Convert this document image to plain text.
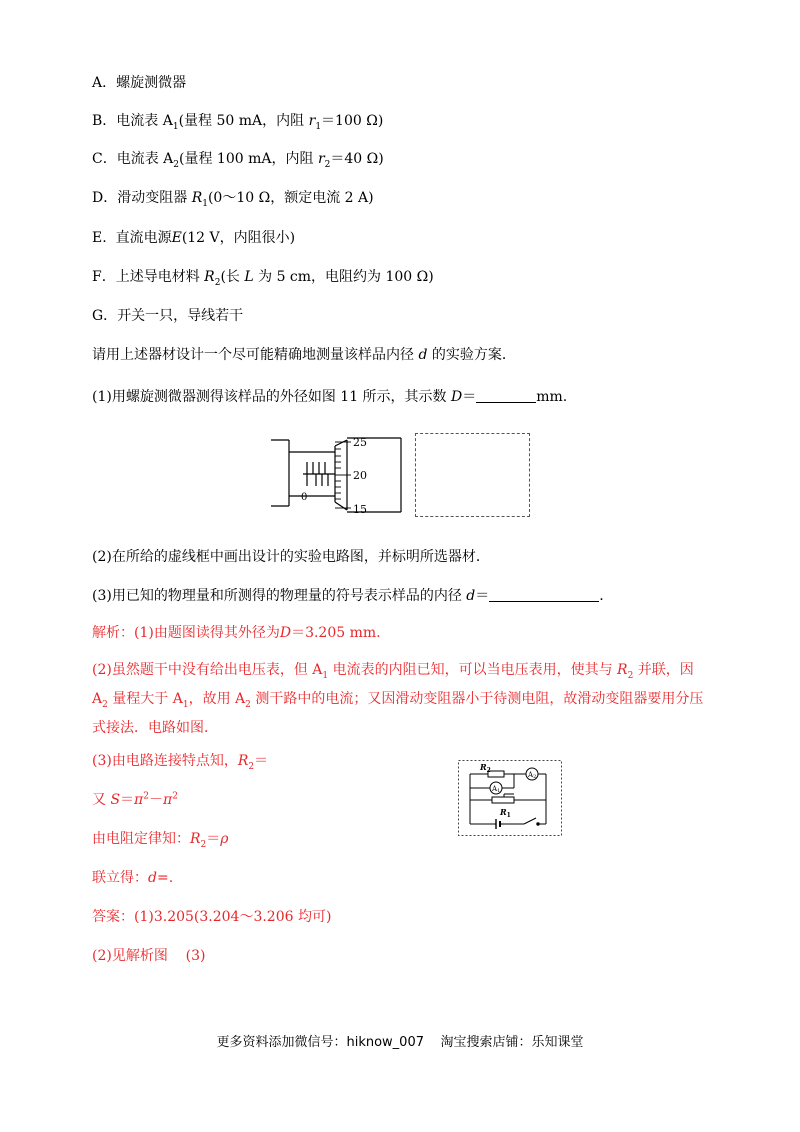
A．螺旋测微器
B．电流表 $A_1$(量程 50 mA，内阻 $r_1=100$ Ω)
C．电流表 $A_2$(量程 100 mA，内阻 $r_2=40$ Ω)
D．滑动变阻器 $R_1(0\sim 10$ Ω，额定电流 2 A)
E.  直流电源E(12 V，内阻很小)
F．上述导电材料 $R_2$(长 L 为 5 cm，电阻约为 100 Ω)
G．开关一只，导线若干
请用上述器材设计一个尽可能精确地测量该样品内径 d 的实验方案．
(1)用螺旋测微器测得该样品的外径如图 11 所示，其示数 D＝	mm.
25
20
15
0
(2)在所给的虚线框中画出设计的实验电路图，并标明所选器材．
(3)用已知的物理量和所测得的物理量的符号表示样品的内径 d＝	.
解析：(1)由题图读得其外径为D＝3.205 mm.
(2)虽然题干中没有给出电压表，但 $A_1$ 电流表的内阻已知，可以当电压表用，使其与 $R_2$ 并联，因 $A_2$ 量程大于 $A_1$，故用 $A_2$ 测干路中的电流；又因滑动变阻器小于待测电阻，故滑动变阻器要用分压式接法．电路如图．
(3)由电路连接特点知，$R_2=$
又 $S=\pi^2-\pi^2$
由电阻定律知：$R_2=\rho$
联立得：d=.
答案：(1)3.205(3.204～3.206 均可)
(2)见解析图    (3)
$R_2$
A2
A1
$R_1$
更多资料添加微信号：hiknow_007    淘宝搜索店铺：乐知课堂
